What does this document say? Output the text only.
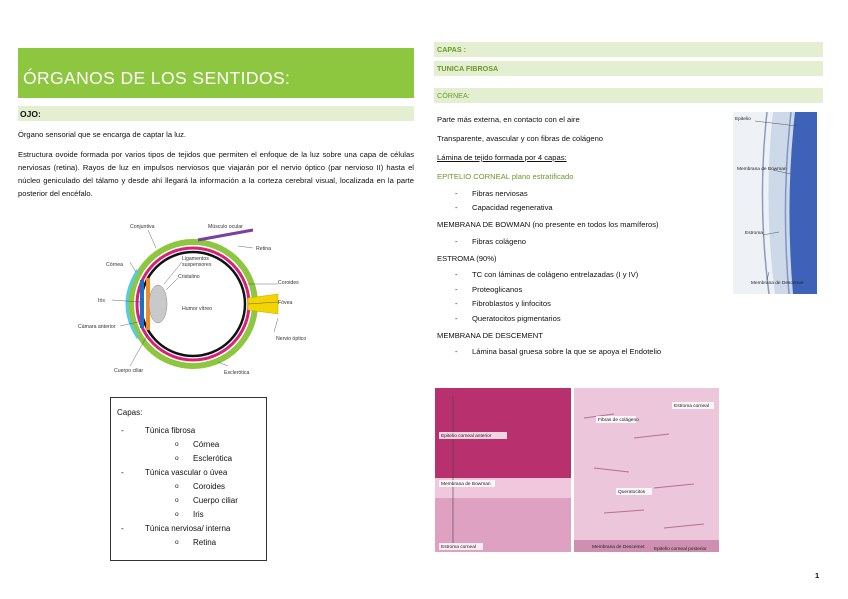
ÓRGANOS DE LOS SENTIDOS:
OJO:

Órgano sensorial que se encarga de captar la luz.

Estructura ovoide formada por varios tipos de tejidos que permiten el enfoque de la luz sobre una capa de células nerviosas (retina). Rayos de luz en impulsos nerviosos que viajarán por el nervio óptico (par nervioso II) hasta el núcleo geniculado del tálamo y desde ahí llegará la información a la corteza cerebral visual, localizada en la parte posterior del encéfalo.

Conjuntiva	Músculo ocular
Retina
Córnea
Ligamentos
suspensores
Cristalino
Coroides
Iris	Fóvea
Humor vítreo
Cámara anterior
Nervio óptico
Cuerpo ciliar	Esclerótica
Capas:
-	Túnica fibrosa
o	Córnea
o	Esclerótica
-	Túnica vascular o úvea
o	Coroides
o	Cuerpo ciliar
o	Iris
-	Túnica nerviosa/ interna
o	Retina
CAPAS :
TUNICA FIBROSA
CÓRNEA:
Parte más externa, en contacto con el aire
Transparente, avascular y con fibras de colágeno
Lámina de tejido formada por 4 capas:
EPITELIO CORNEAL plano estratificado
-	Fibras nerviosas
-	Capacidad regenerativa
MEMBRANA DE BOWMAN (no presente en todos los mamíferos)
-	Fibras colágeno
ESTROMA (90%)
-	TC con láminas de colágeno entrelazadas (I y IV)
-	Proteoglicanos
-	Fibroblastos y linfocitos
-	Queratocitos pigmentarios
MEMBRANA DE DESCEMENT
-	Lámina basal gruesa sobre la que se apoya el Endotelio
Epitelio
Membrana de Bowman
Estroma
Membrana de Descemet
Epitelio corneal anterior
Membrana de Bowman
Estroma corneal
Fibras de colágeno
Estroma corneal
Queratocitos
Membrana de Descemet Epitelio corneal posterior
1
